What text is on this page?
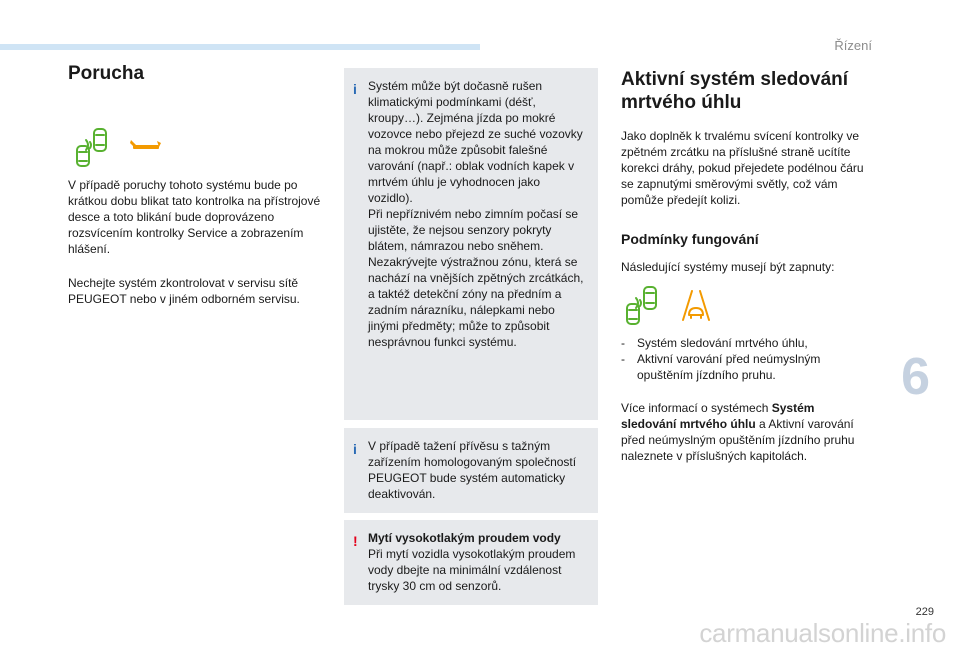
Řízení
6
229
carmanualsonline.info
Porucha

V případě poruchy tohoto systému bude po krátkou dobu blikat tato kontrolka na přístrojové desce a toto blikání bude doprovázeno rozsvícením kontrolky Service a zobrazením hlášení.

Nechejte systém zkontrolovat v servisu sítě PEUGEOT nebo v jiném odborném servisu.

i Systém může být dočasně rušen klimatickými podmínkami (déšť, kroupy…). Zejména jízda po mokré vozovce nebo přejezd ze suché vozovky na mokrou může způsobit falešné varování (např.: oblak vodních kapek v mrtvém úhlu je vyhodnocen jako vozidlo).

Při nepříznivém nebo zimním počasí se ujistěte, že nejsou senzory pokryty blátem, námrazou nebo sněhem. Nezakrývejte výstražnou zónu, která se nachází na vnějších zpětných zrcátkách, a taktéž detekční zóny na předním a zadním nárazníku, nálepkami nebo jinými předměty; může to způsobit nesprávnou funkci systému.

i V případě tažení přívěsu s tažným zařízením homologovaným společností PEUGEOT bude systém automaticky deaktivován.

! Mytí vysokotlakým proudem vody

Při mytí vozidla vysokotlakým proudem vody dbejte na minimální vzdálenost trysky 30 cm od senzorů.

Aktivní systém sledování
mrtvého úhlu

Jako doplněk k trvalému svícení kontrolky ve zpětném zrcátku na příslušné straně ucítíte korekci dráhy, pokud přejedete podélnou čáru se zapnutými směrovými světly, což vám pomůže předejít kolizi.

Podmínky fungování

Následující systémy musejí být zapnuty:

- Systém sledování mrtvého úhlu,
- Aktivní varování před neúmyslným opuštěním jízdního pruhu.

Více informací o systémech Systém sledování mrtvého úhlu a Aktivní varování před neúmyslným opuštěním jízdního pruhu naleznete v příslušných kapitolách.
